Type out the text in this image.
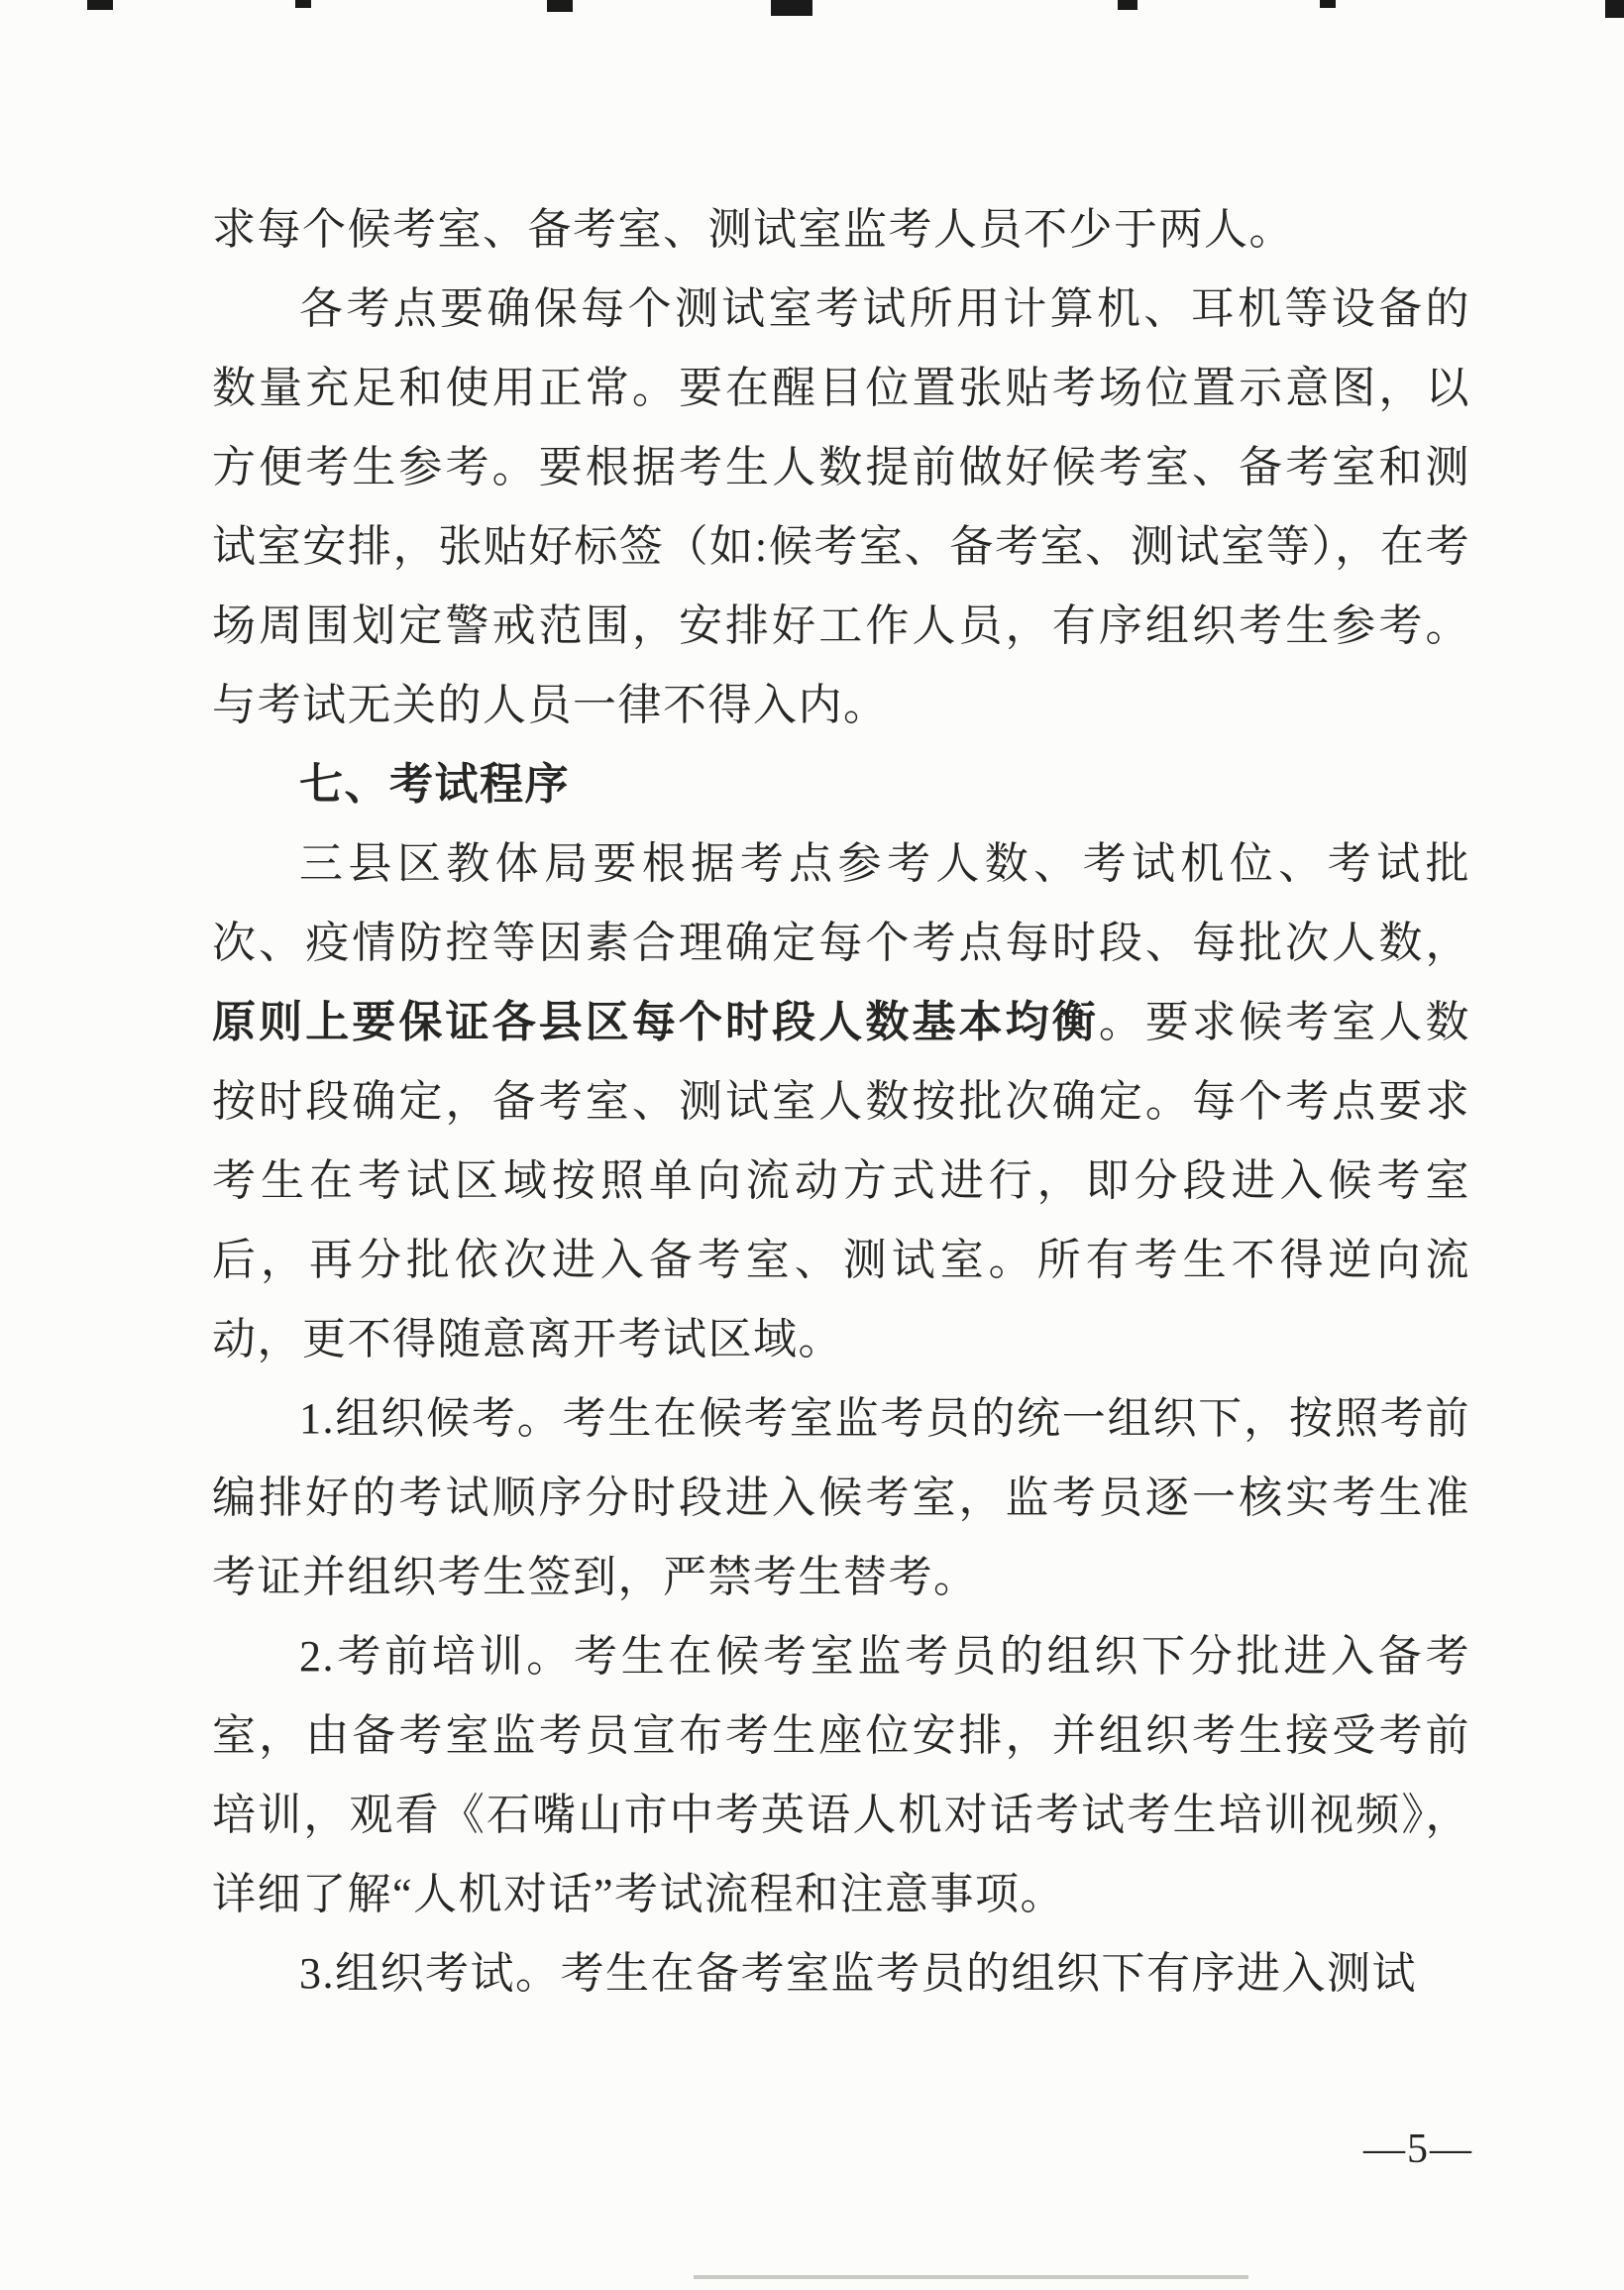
求每个候考室、备考室、测试室监考人员不少于两人。

各考点要确保每个测试室考试所用计算机、耳机等设备的数量充足和使用正常。要在醒目位置张贴考场位置示意图，以方便考生参考。要根据考生人数提前做好候考室、备考室和测试室安排，张贴好标签（如:候考室、备考室、测试室等），在考场周围划定警戒范围，安排好工作人员，有序组织考生参考。与考试无关的人员一律不得入内。

七、考试程序

三县区教体局要根据考点参考人数、考试机位、考试批次、疫情防控等因素合理确定每个考点每时段、每批次人数，原则上要保证各县区每个时段人数基本均衡。要求候考室人数按时段确定，备考室、测试室人数按批次确定。每个考点要求考生在考试区域按照单向流动方式进行，即分段进入候考室后，再分批依次进入备考室、测试室。所有考生不得逆向流动，更不得随意离开考试区域。

1.组织候考。考生在候考室监考员的统一组织下，按照考前编排好的考试顺序分时段进入候考室，监考员逐一核实考生准考证并组织考生签到，严禁考生替考。

2.考前培训。考生在候考室监考员的组织下分批进入备考室，由备考室监考员宣布考生座位安排，并组织考生接受考前培训，观看《石嘴山市中考英语人机对话考试考生培训视频》，详细了解“人机对话”考试流程和注意事项。

3.组织考试。考生在备考室监考员的组织下有序进入测试

—5—
